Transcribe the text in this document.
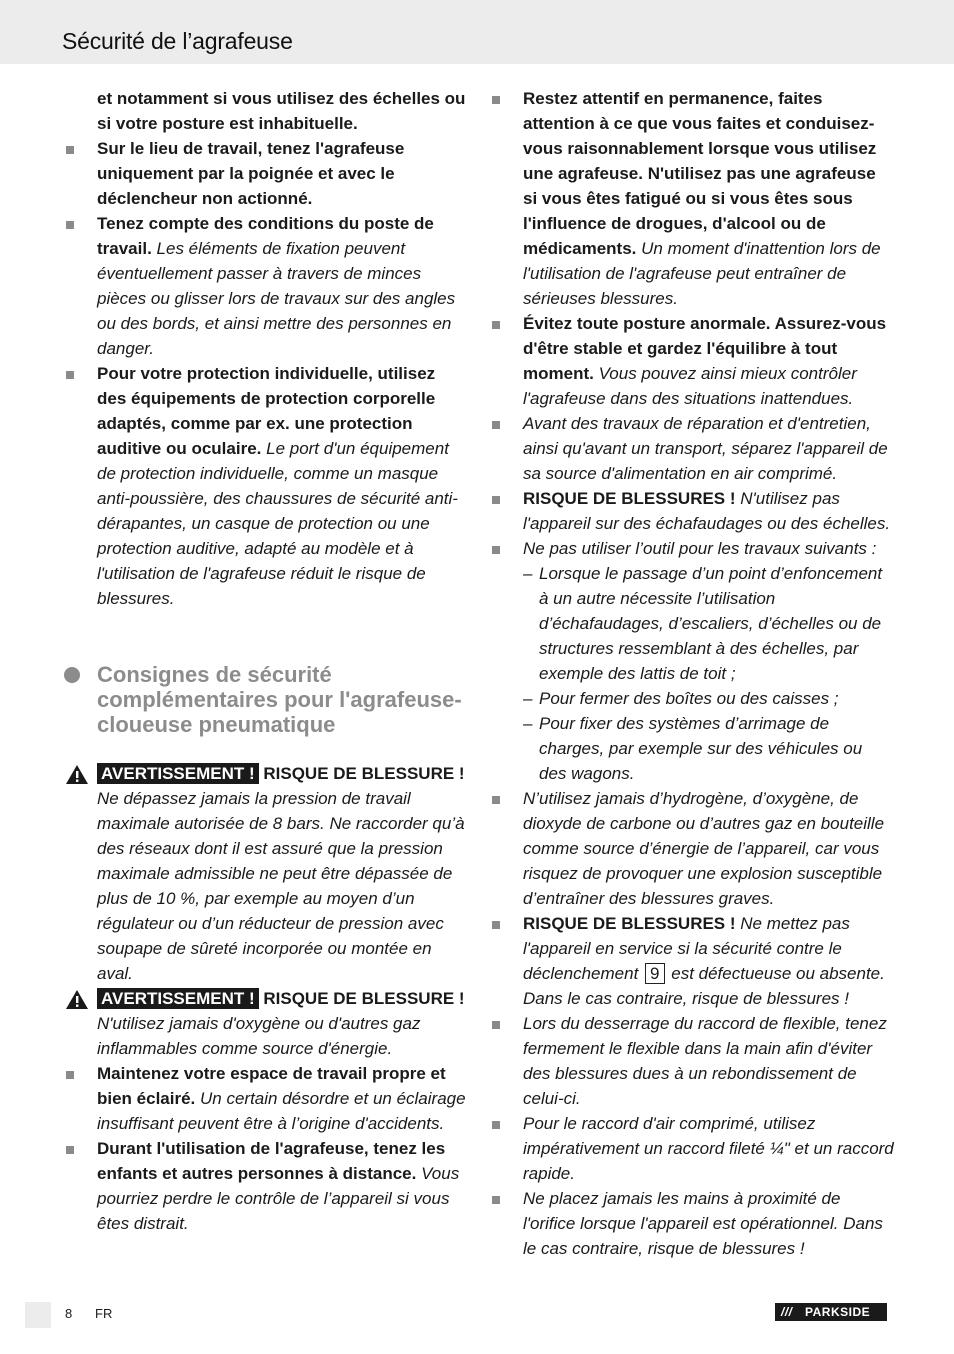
Sécurité de l’agrafeuse
et notamment si vous utilisez des échelles ou si votre posture est inhabituelle.
Sur le lieu de travail, tenez l'agrafeuse uniquement par la poignée et avec le déclencheur non actionné.
Tenez compte des conditions du poste de travail. Les éléments de fixation peuvent éventuellement passer à travers de minces pièces ou glisser lors de travaux sur des angles ou des bords, et ainsi mettre des personnes en danger.
Pour votre protection individuelle, utilisez des équipements de protection corporelle adaptés, comme par ex. une protection auditive ou oculaire. Le port d'un équipement de protection individuelle, comme un masque anti-poussière, des chaussures de sécurité anti-dérapantes, un casque de protection ou une protection auditive, adapté au modèle et à l'utilisation de l'agrafeuse réduit le risque de blessures.
Consignes de sécurité complémentaires pour l'agrafeuse-cloueuse pneumatique
AVERTISSEMENT ! RISQUE DE BLESSURE ! Ne dépassez jamais la pression de travail maximale autorisée de 8 bars. Ne raccorder qu’à des réseaux dont il est assuré que la pression maximale admissible ne peut être dépassée de plus de 10 %, par exemple au moyen d’un régulateur ou d’un réducteur de pression avec soupape de sûreté incorporée ou montée en aval.
AVERTISSEMENT ! RISQUE DE BLESSURE ! N'utilisez jamais d'oxygène ou d'autres gaz inflammables comme source d'énergie.
Maintenez votre espace de travail propre et bien éclairé. Un certain désordre et un éclairage insuffisant peuvent être à l’origine d'accidents.
Durant l'utilisation de l'agrafeuse, tenez les enfants et autres personnes à distance. Vous pourriez perdre le contrôle de l’appareil si vous êtes distrait.
Restez attentif en permanence, faites attention à ce que vous faites et conduisez-vous raisonnablement lorsque vous utilisez une agrafeuse. N'utilisez pas une agrafeuse si vous êtes fatigué ou si vous êtes sous l'influence de drogues, d'alcool ou de médicaments. Un moment d'inattention lors de l'utilisation de l'agrafeuse peut entraîner de sérieuses blessures.
Évitez toute posture anormale. Assurez-vous d'être stable et gardez l'équilibre à tout moment. Vous pouvez ainsi mieux contrôler l'agrafeuse dans des situations inattendues.
Avant des travaux de réparation et d'entretien, ainsi qu'avant un transport, séparez l'appareil de sa source d'alimentation en air comprimé.
RISQUE DE BLESSURES ! N'utilisez pas l'appareil sur des échafaudages ou des échelles.
Ne pas utiliser l’outil pour les travaux suivants :
– Lorsque le passage d’un point d’enfoncement à un autre nécessite l’utilisation d’échafaudages, d’escaliers, d’échelles ou de structures ressemblant à des échelles, par exemple des lattis de toit ;
– Pour fermer des boîtes ou des caisses ;
– Pour fixer des systèmes d’arrimage de charges, par exemple sur des véhicules ou des wagons.
N’utilisez jamais d’hydrogène, d’oxygène, de dioxyde de carbone ou d’autres gaz en bouteille comme source d’énergie de l’appareil, car vous risquez de provoquer une explosion susceptible d’entraîner des blessures graves.
RISQUE DE BLESSURES ! Ne mettez pas l'appareil en service si la sécurité contre le déclenchement 9 est défectueuse ou absente. Dans le cas contraire, risque de blessures !
Lors du desserrage du raccord de flexible, tenez fermement le flexible dans la main afin d'éviter des blessures dues à un rebondissement de celui-ci.
Pour le raccord d'air comprimé, utilisez impérativement un raccord fileté ¼" et un raccord rapide.
Ne placez jamais les mains à proximité de l'orifice lorsque l'appareil est opérationnel. Dans le cas contraire, risque de blessures !
8 FR	/// PARKSIDE
